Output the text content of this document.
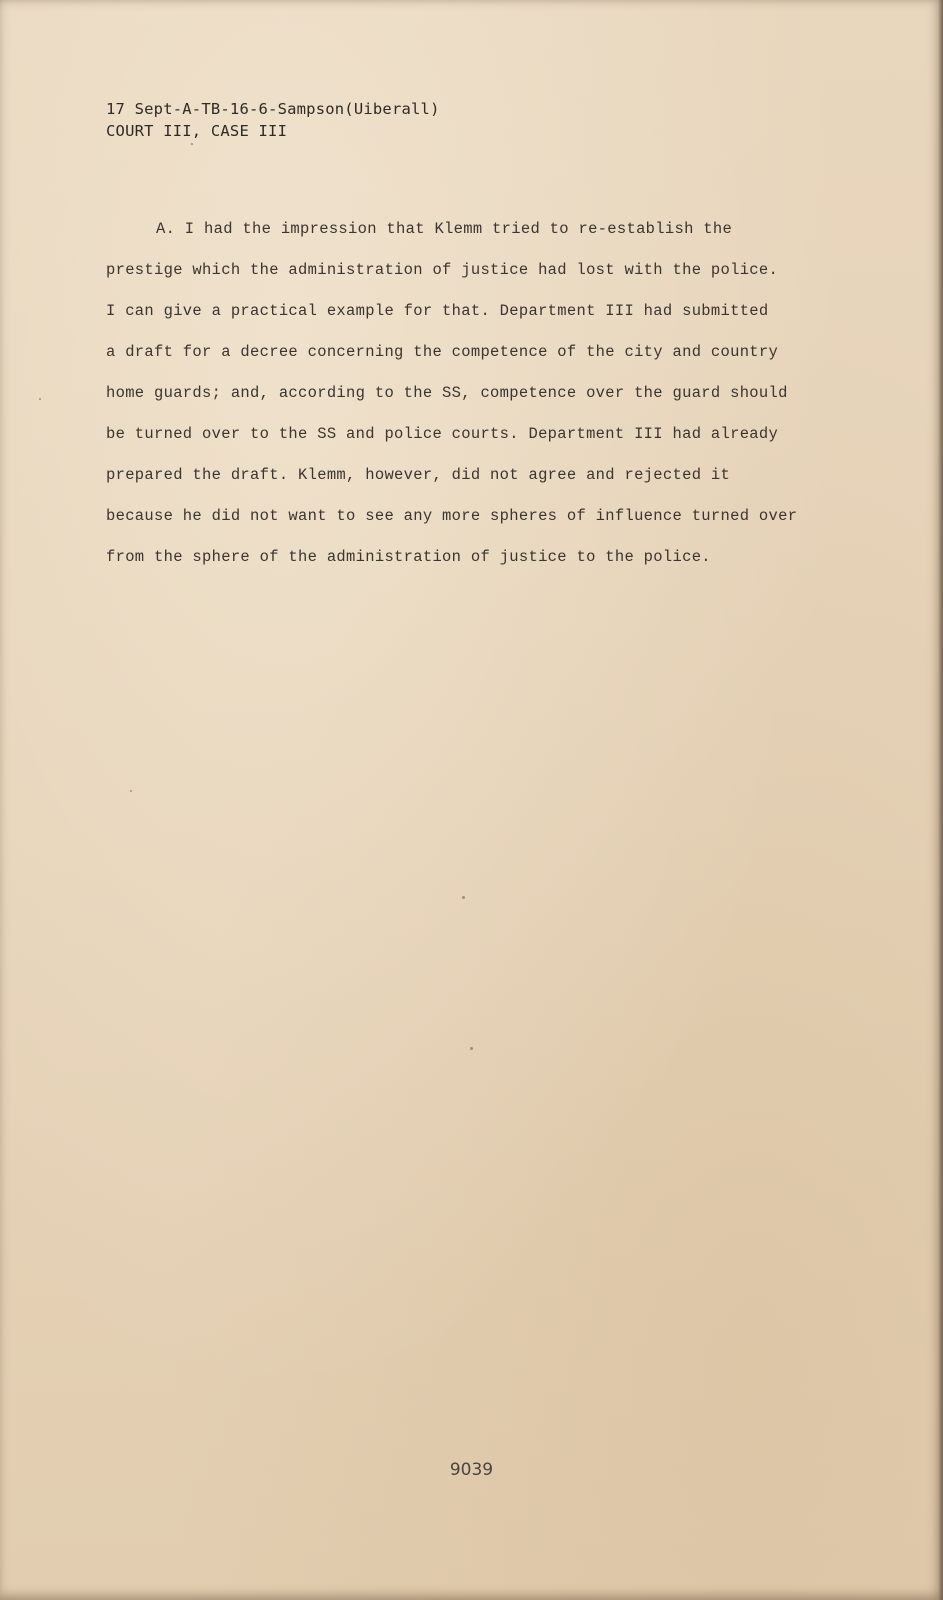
17 Sept-A-TB-16-6-Sampson(Uiberall)
COURT III, CASE III
A. I had the impression that Klemm tried to re-establish the
prestige which the administration of justice had lost with the police.
I can give a practical example for that. Department III had submitted
a draft for a decree concerning the competence of the city and country
home guards; and, according to the SS, competence over the guard should
be turned over to the SS and police courts. Department III had already
prepared the draft. Klemm, however, did not agree and rejected it
because he did not want to see any more spheres of influence turned over
from the sphere of the administration of justice to the police.
9039
